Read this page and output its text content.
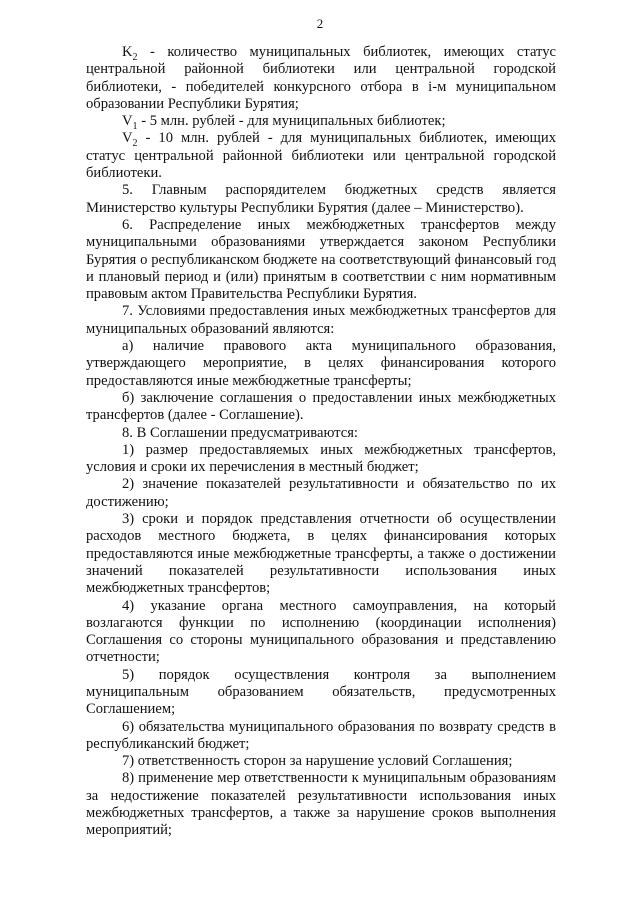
2

$K_2$ - количество муниципальных библиотек, имеющих статус центральной районной библиотеки или центральной городской библиотеки, - победителей конкурсного отбора в i-м муниципальном образовании Республики Бурятия;

$V_1 - 5$ млн. рублей - для муниципальных библиотек;

$V_2 - 10$ млн. рублей - для муниципальных библиотек, имеющих статус центральной районной библиотеки или центральной городской библиотеки.

5. Главным распорядителем бюджетных средств является Министерство культуры Республики Бурятия (далее – Министерство).

6. Распределение иных межбюджетных трансфертов между муниципальными образованиями утверждается законом Республики Бурятия о республиканском бюджете на соответствующий финансовый год и плановый период и (или) принятым в соответствии с ним нормативным правовым актом Правительства Республики Бурятия.

7. Условиями предоставления иных межбюджетных трансфертов для муниципальных образований являются:

а) наличие правового акта муниципального образования, утверждающего мероприятие, в целях финансирования которого предоставляются иные межбюджетные трансферты;

б) заключение соглашения о предоставлении иных межбюджетных трансфертов (далее - Соглашение).

8. В Соглашении предусматриваются:

1) размер предоставляемых иных межбюджетных трансфертов, условия и сроки их перечисления в местный бюджет;

2) значение показателей результативности и обязательство по их достижению;

3) сроки и порядок представления отчетности об осуществлении расходов местного бюджета, в целях финансирования которых предоставляются иные межбюджетные трансферты, а также о достижении значений показателей результативности использования иных межбюджетных трансфертов;

4) указание органа местного самоуправления, на который возлагаются функции по исполнению (координации исполнения) Соглашения со стороны муниципального образования и представлению отчетности;

5) порядок осуществления контроля за выполнением муниципальным образованием обязательств, предусмотренных Соглашением;

6) обязательства муниципального образования по возврату средств в республиканский бюджет;

7) ответственность сторон за нарушение условий Соглашения;

8) применение мер ответственности к муниципальным образованиям за недостижение показателей результативности использования иных межбюджетных трансфертов, а также за нарушение сроков выполнения мероприятий;
